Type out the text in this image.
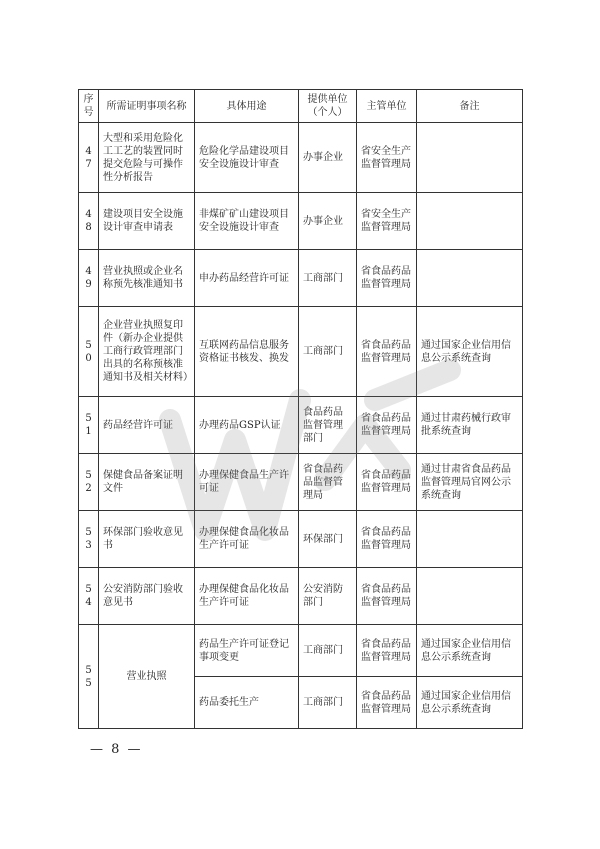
序号	所需证明事项名称	具体用途	提供单位（个人）	主管单位	备注
47	大型和采用危险化工工艺的装置同时提交危险与可操作性分析报告	危险化学品建设项目安全设施设计审查	办事企业	省安全生产监督管理局	
48	建设项目安全设施设计审查申请表	非煤矿矿山建设项目安全设施设计审查	办事企业	省安全生产监督管理局	
49	营业执照或企业名称预先核准通知书	申办药品经营许可证	工商部门	省食品药品监督管理局	
50	企业营业执照复印件（新办企业提供工商行政管理部门出具的名称预核准通知书及相关材料）	互联网药品信息服务资格证书核发、换发	工商部门	省食品药品监督管理局	通过国家企业信用信息公示系统查询
51	药品经营许可证	办理药品GSP认证	食品药品监督管理部门	省食品药品监督管理局	通过甘肃药械行政审批系统查询
52	保健食品备案证明文件	办理保健食品生产许可证	省食品药品监督管理局	省食品药品监督管理局	通过甘肃省食品药品监督管理局官网公示系统查询
53	环保部门验收意见书	办理保健食品化妆品生产许可证	环保部门	省食品药品监督管理局	
54	公安消防部门验收意见书	办理保健食品化妆品生产许可证	公安消防部门	省食品药品监督管理局	
55	营业执照	药品生产许可证登记事项变更	工商部门	省食品药品监督管理局	通过国家企业信用信息公示系统查询
		药品委托生产	工商部门	省食品药品监督管理局	通过国家企业信用信息公示系统查询
— 8 —
